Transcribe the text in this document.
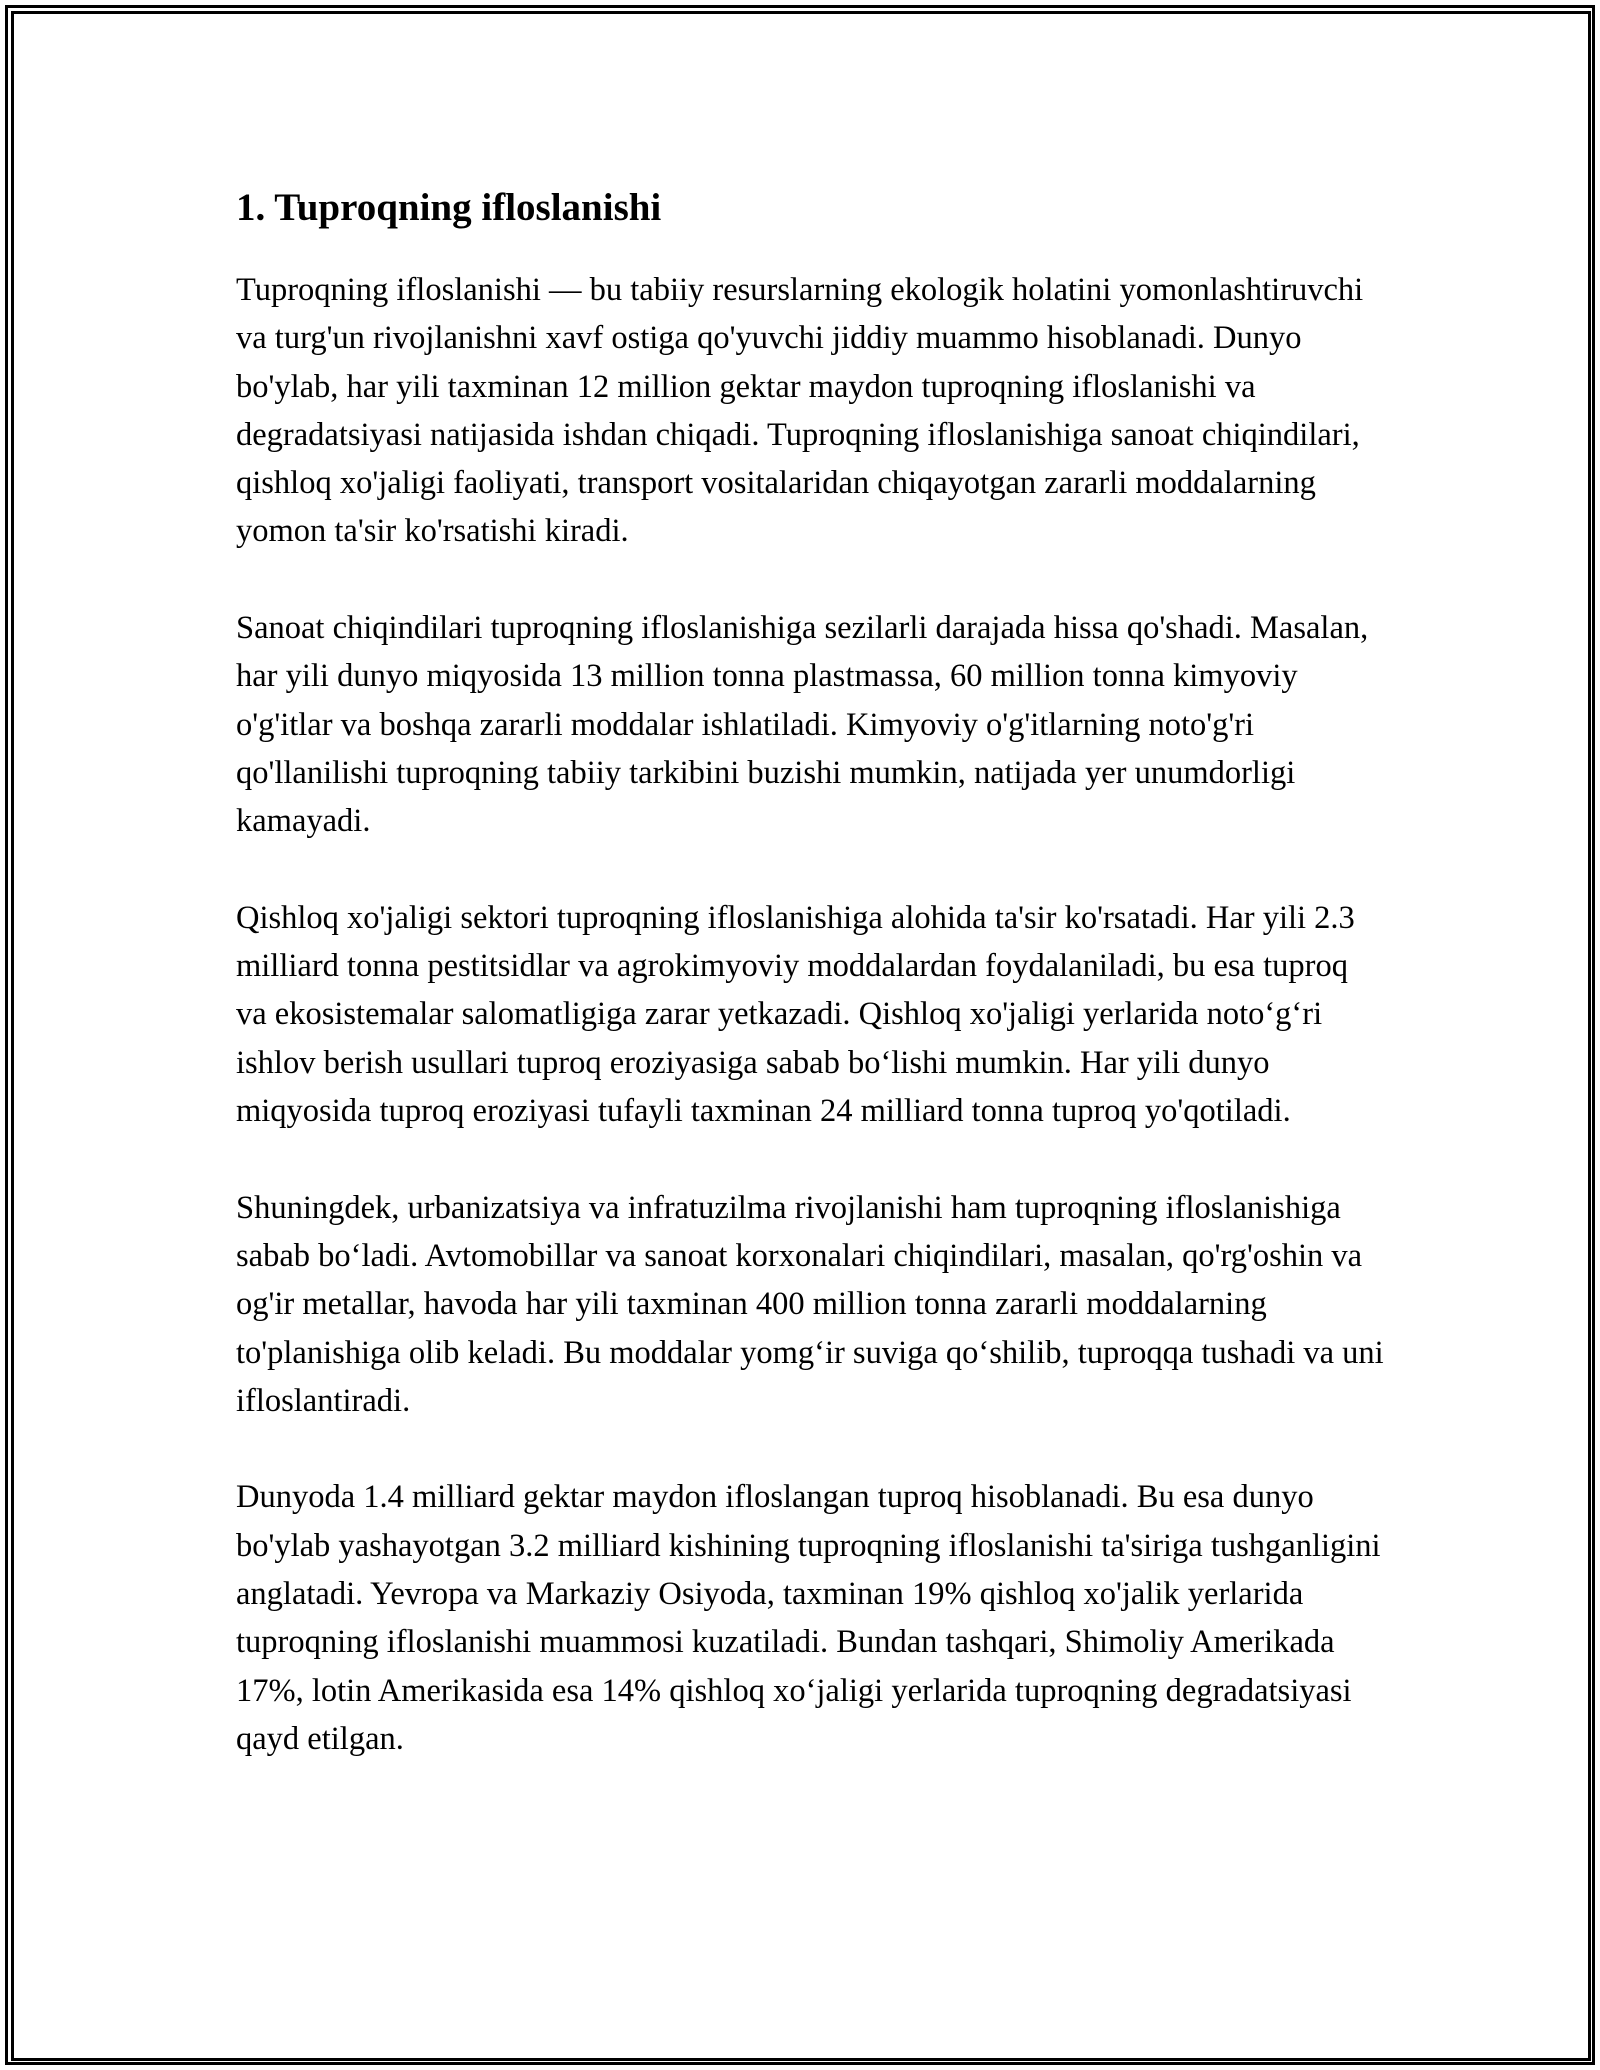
1. Tuproqning ifloslanishi

Tuproqning ifloslanishi — bu tabiiy resurslarning ekologik holatini yomonlashtiruvchi va turg'un rivojlanishni xavf ostiga qo'yuvchi jiddiy muammo hisoblanadi. Dunyo bo'ylab, har yili taxminan 12 million gektar maydon tuproqning ifloslanishi va degradatsiyasi natijasida ishdan chiqadi. Tuproqning ifloslanishiga sanoat chiqindilari, qishloq xo'jaligi faoliyati, transport vositalaridan chiqayotgan zararli moddalarning yomon ta'sir ko'rsatishi kiradi.

Sanoat chiqindilari tuproqning ifloslanishiga sezilarli darajada hissa qo'shadi. Masalan, har yili dunyo miqyosida 13 million tonna plastmassa, 60 million tonna kimyoviy o'g'itlar va boshqa zararli moddalar ishlatiladi. Kimyoviy o'g'itlarning noto'g'ri qo'llanilishi tuproqning tabiiy tarkibini buzishi mumkin, natijada yer unumdorligi kamayadi.

Qishloq xo'jaligi sektori tuproqning ifloslanishiga alohida ta'sir ko'rsatadi. Har yili 2.3 milliard tonna pestitsidlar va agrokimyoviy moddalardan foydalaniladi, bu esa tuproq va ekosistemalar salomatligiga zarar yetkazadi. Qishloq xo'jaligi yerlarida noto‘g‘ri ishlov berish usullari tuproq eroziyasiga sabab bo‘lishi mumkin. Har yili dunyo miqyosida tuproq eroziyasi tufayli taxminan 24 milliard tonna tuproq yo'qotiladi.

Shuningdek, urbanizatsiya va infratuzilma rivojlanishi ham tuproqning ifloslanishiga sabab bo‘ladi. Avtomobillar va sanoat korxonalari chiqindilari, masalan, qo'rg'oshin va og'ir metallar, havoda har yili taxminan 400 million tonna zararli moddalarning to'planishiga olib keladi. Bu moddalar yomg‘ir suviga qo‘shilib, tuproqqa tushadi va uni ifloslantiradi.

Dunyoda 1.4 milliard gektar maydon ifloslangan tuproq hisoblanadi. Bu esa dunyo bo'ylab yashayotgan 3.2 milliard kishining tuproqning ifloslanishi ta'siriga tushganligini anglatadi. Yevropa va Markaziy Osiyoda, taxminan 19% qishloq xo'jalik yerlarida tuproqning ifloslanishi muammosi kuzatiladi. Bundan tashqari, Shimoliy Amerikada 17%, lotin Amerikasida esa 14% qishloq xo‘jaligi yerlarida tuproqning degradatsiyasi qayd etilgan.
